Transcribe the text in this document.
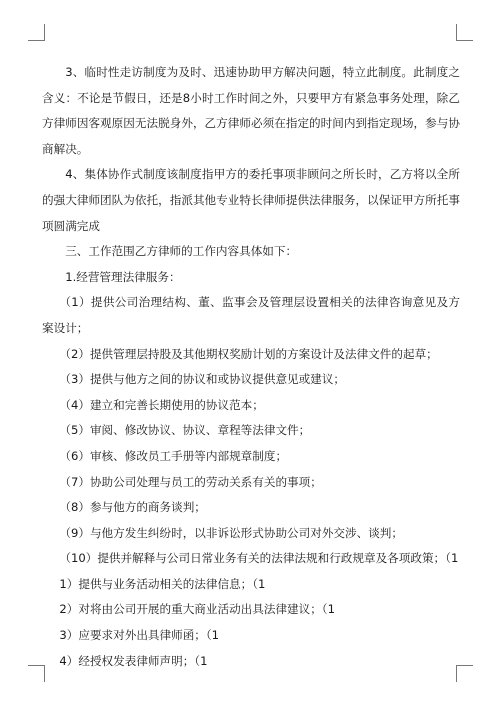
3、临时性走访制度为及时、迅速协助甲方解决问题，特立此制度。此制度之含义：不论是节假日，还是8小时工作时间之外，只要甲方有紧急事务处理，除乙方律师因客观原因无法脱身外，乙方律师必须在指定的时间内到指定现场，参与协商解决。

4、集体协作式制度该制度指甲方的委托事项非顾问之所长时，乙方将以全所的强大律师团队为依托，指派其他专业特长律师提供法律服务，以保证甲方所托事项圆满完成

三、工作范围乙方律师的工作内容具体如下：

1.经营管理法律服务：

（1）提供公司治理结构、董、监事会及管理层设置相关的法律咨询意见及方案设计；

（2）提供管理层持股及其他期权奖励计划的方案设计及法律文件的起草；

（3）提供与他方之间的协议和或协议提供意见或建议；

（4）建立和完善长期使用的协议范本；

（5）审阅、修改协议、协议、章程等法律文件；

（6）审核、修改员工手册等内部规章制度；

（7）协助公司处理与员工的劳动关系有关的事项；

（8）参与他方的商务谈判；

（9）与他方发生纠纷时，以非诉讼形式协助公司对外交涉、谈判；

（10）提供并解释与公司日常业务有关的法律法规和行政规章及各项政策；（1

1）提供与业务活动相关的法律信息；（1

2）对将由公司开展的重大商业活动出具法律建议；（1

3）应要求对外出具律师函；（1

4）经授权发表律师声明；（1
